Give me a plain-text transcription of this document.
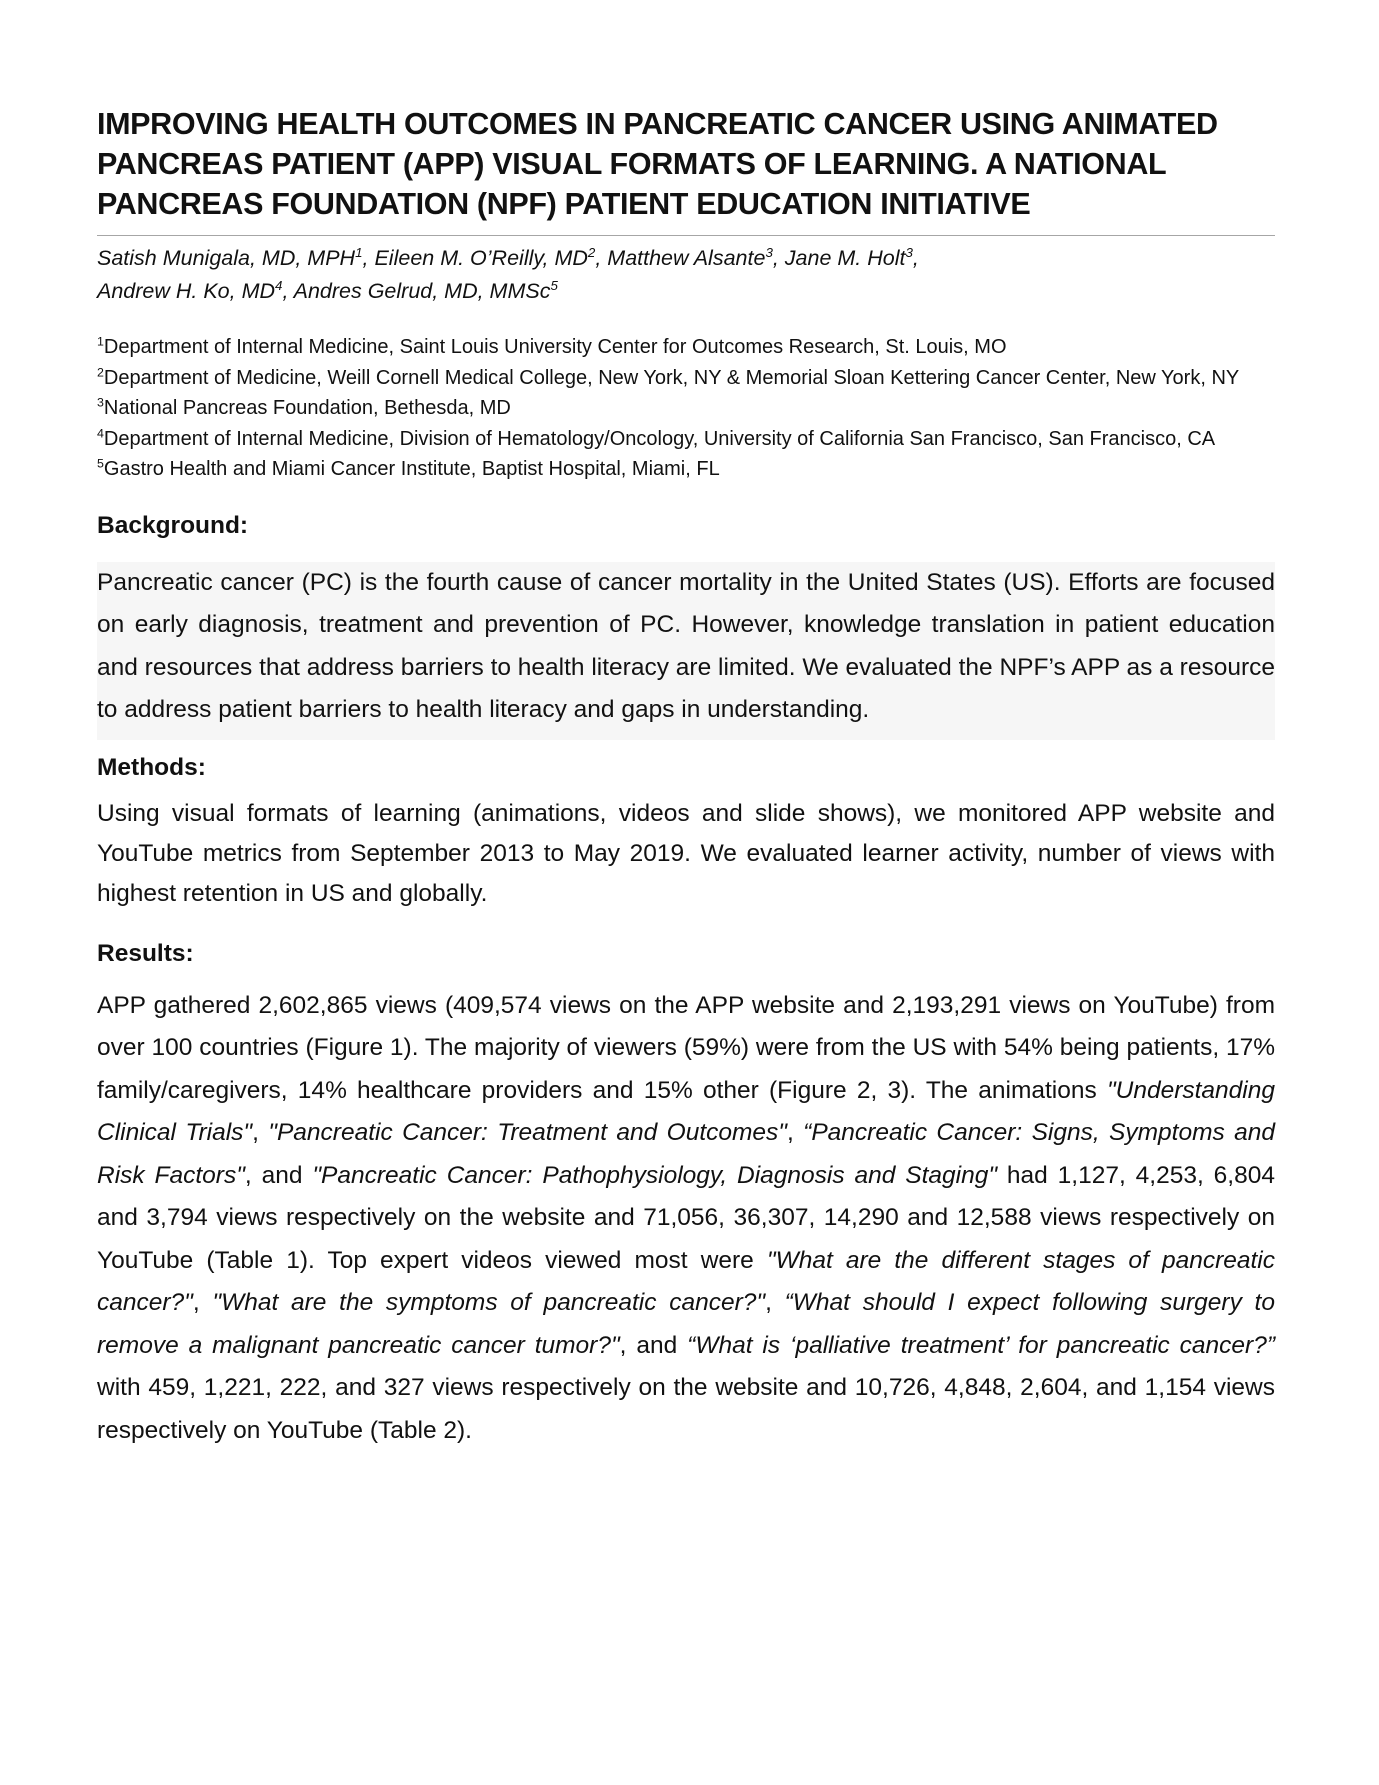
IMPROVING HEALTH OUTCOMES IN PANCREATIC CANCER USING ANIMATED PANCREAS PATIENT (APP) VISUAL FORMATS OF LEARNING. A NATIONAL PANCREAS FOUNDATION (NPF) PATIENT EDUCATION INITIATIVE
Satish Munigala, MD, MPH$^1$, Eileen M. O’Reilly, $MD^2$, Matthew Alsante$^3$, Jane M. Holt$^3$,
Andrew H. Ko, $MD^4$, Andres Gelrud, MD, MMSc$^5$
$^1$Department of Internal Medicine, Saint Louis University Center for Outcomes Research, St. Louis, MO
$^2$Department of Medicine, Weill Cornell Medical College, New York, NY & Memorial Sloan Kettering Cancer Center, New York, NY
$^3$National Pancreas Foundation, Bethesda, MD
$^4$Department of Internal Medicine, Division of Hematology/Oncology, University of California San Francisco, San Francisco, CA
$^5$Gastro Health and Miami Cancer Institute, Baptist Hospital, Miami, FL
Background:

Pancreatic cancer (PC) is the fourth cause of cancer mortality in the United States (US). Efforts are focused on early diagnosis, treatment and prevention of PC. However, knowledge translation in patient education and resources that address barriers to health literacy are limited. We evaluated the NPF’s APP as a resource to address patient barriers to health literacy and gaps in understanding.

Methods:

Using visual formats of learning (animations, videos and slide shows), we monitored APP website and YouTube metrics from September 2013 to May 2019. We evaluated learner activity, number of views with highest retention in US and globally.

Results:

APP gathered 2,602,865 views (409,574 views on the APP website and 2,193,291 views on YouTube) from over 100 countries (Figure 1). The majority of viewers (59%) were from the US with 54% being patients, 17% family/caregivers, 14% healthcare providers and 15% other (Figure 2, 3). The animations "Understanding Clinical Trials", "Pancreatic Cancer: Treatment and Outcomes", “Pancreatic Cancer: Signs, Symptoms and Risk Factors", and "Pancreatic Cancer: Pathophysiology, Diagnosis and Staging" had 1,127, 4,253, 6,804 and 3,794 views respectively on the website and 71,056, 36,307, 14,290 and 12,588 views respectively on YouTube (Table 1). Top expert videos viewed most were "What are the different stages of pancreatic cancer?", "What are the symptoms of pancreatic cancer?", “What should I expect following surgery to remove a malignant pancreatic cancer tumor?", and “What is ‘palliative treatment’ for pancreatic cancer?” with 459, 1,221, 222, and 327 views respectively on the website and 10,726, 4,848, 2,604, and 1,154 views respectively on YouTube (Table 2).
